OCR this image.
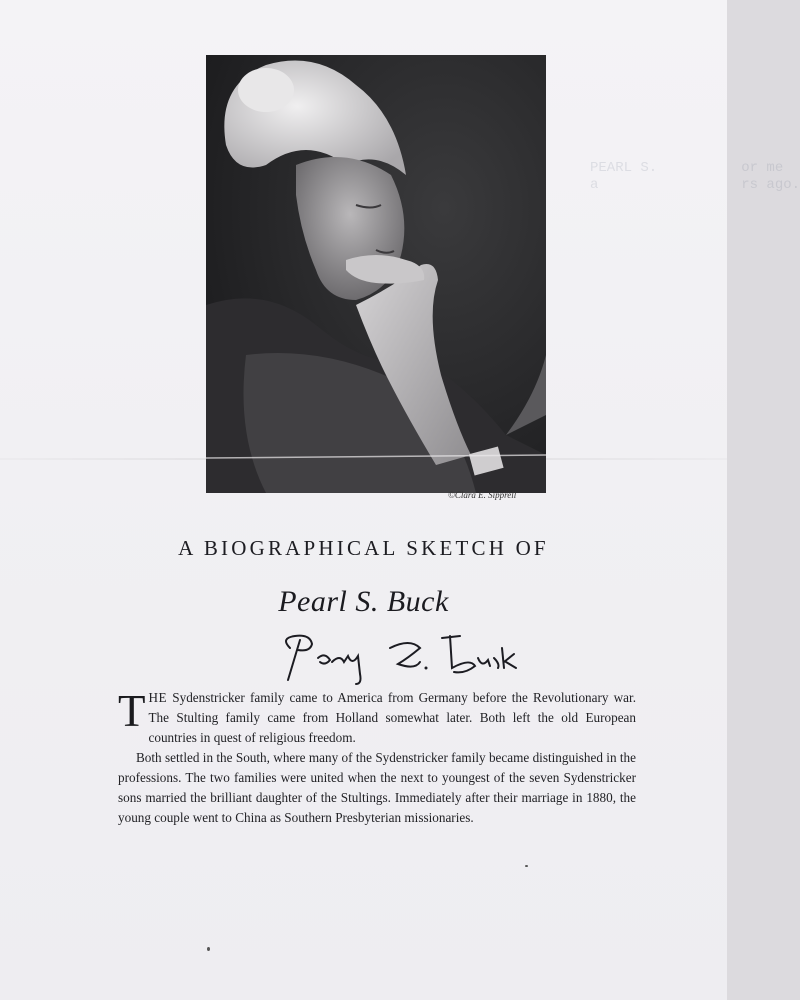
PEARL S.          or me
a                 rs ago.
©Clara E. Sipprell
A BIOGRAPHICAL SKETCH OF
Pearl S. Buck

THE Sydenstricker family came to America from Germany before the Revolutionary war. The Stulting family came from Holland somewhat later. Both left the old European countries in quest of religious freedom.

Both settled in the South, where many of the Sydenstricker family became distinguished in the professions. The two families were united when the next to youngest of the seven Sydenstricker sons married the brilliant daughter of the Stultings. Immediately after their marriage in 1880, the young couple went to China as Southern Presbyterian missionaries.
